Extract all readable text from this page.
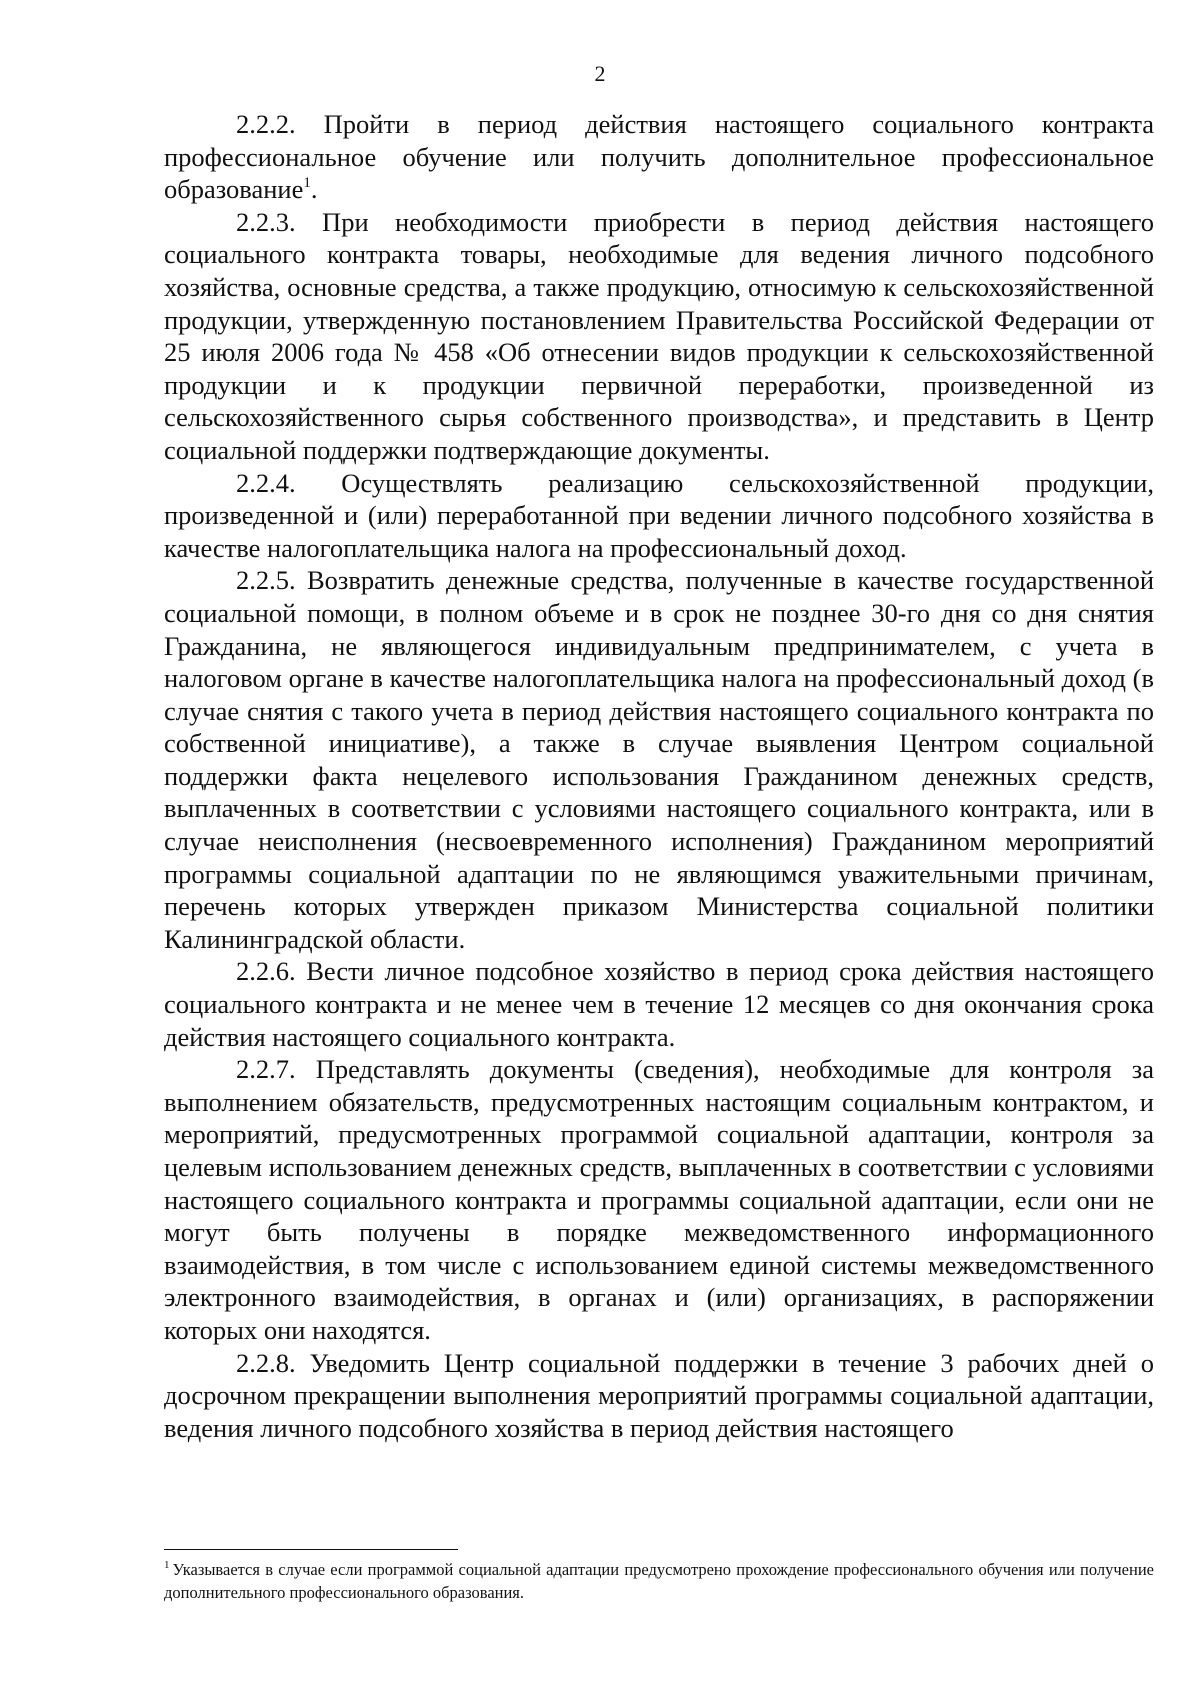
2

2.2.2. Пройти в период действия настоящего социального контракта профессиональное обучение или получить дополнительное профессиональное образование$^1$.

2.2.3. При необходимости приобрести в период действия настоящего социального контракта товары, необходимые для ведения личного подсобного хозяйства, основные средства, а также продукцию, относимую к сельскохозяйственной продукции, утвержденную постановлением Правительства Российской Федерации от 25 июля 2006 года № 458 «Об отнесении видов продукции к сельскохозяйственной продукции и к продукции первичной переработки, произведенной из сельскохозяйственного сырья собственного производства», и представить в Центр социальной поддержки подтверждающие документы.

2.2.4. Осуществлять реализацию сельскохозяйственной продукции, произведенной и (или) переработанной при ведении личного подсобного хозяйства в качестве налогоплательщика налога на профессиональный доход.

2.2.5. Возвратить денежные средства, полученные в качестве государственной социальной помощи, в полном объеме и в срок не позднее 30-го дня со дня снятия Гражданина, не являющегося индивидуальным предпринимателем, с учета в налоговом органе в качестве налогоплательщика налога на профессиональный доход (в случае снятия с такого учета в период действия настоящего социального контракта по собственной инициативе), а также в случае выявления Центром социальной поддержки факта нецелевого использования Гражданином денежных средств, выплаченных в соответствии с условиями настоящего социального контракта, или в случае неисполнения (несвоевременного исполнения) Гражданином мероприятий программы социальной адаптации по не являющимся уважительными причинам, перечень которых утвержден приказом Министерства социальной политики Калининградской области.

2.2.6. Вести личное подсобное хозяйство в период срока действия настоящего социального контракта и не менее чем в течение 12 месяцев со дня окончания срока действия настоящего социального контракта.

2.2.7. Представлять документы (сведения), необходимые для контроля за выполнением обязательств, предусмотренных настоящим социальным контрактом, и мероприятий, предусмотренных программой социальной адаптации, контроля за целевым использованием денежных средств, выплаченных в соответствии с условиями настоящего социального контракта и программы социальной адаптации, если они не могут быть получены в порядке межведомственного информационного взаимодействия, в том числе с использованием единой системы межведомственного электронного взаимодействия, в органах и (или) организациях, в распоряжении которых они находятся.

2.2.8. Уведомить Центр социальной поддержки в течение 3 рабочих дней о досрочном прекращении выполнения мероприятий программы социальной адаптации, ведения личного подсобного хозяйства в период действия настоящего

$^1$ Указывается в случае если программой социальной адаптации предусмотрено прохождение профессионального обучения или получение дополнительного профессионального образования.
